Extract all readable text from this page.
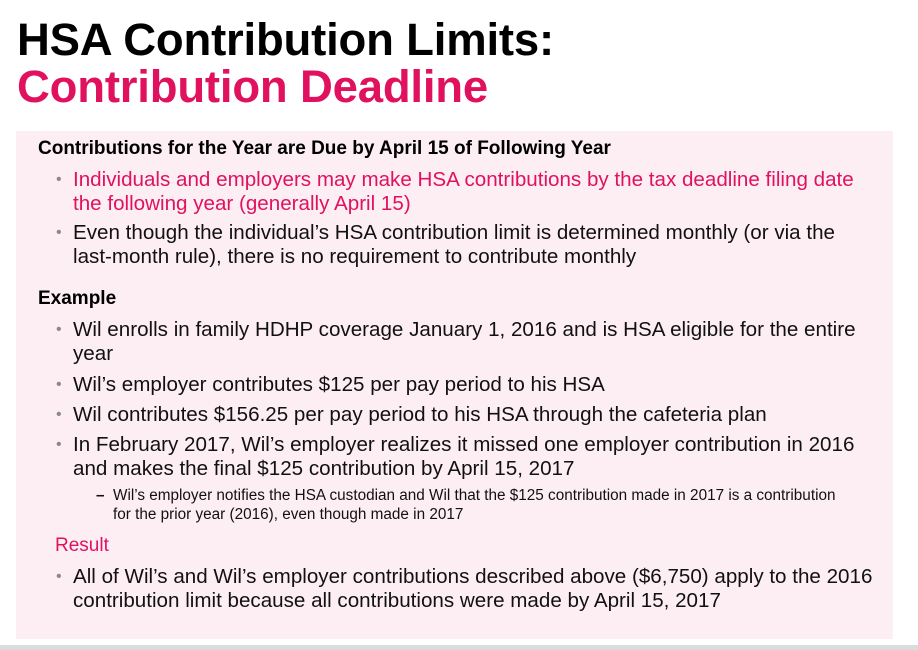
HSA Contribution Limits:
Contribution Deadline
Contributions for the Year are Due by April 15 of Following Year
• Individuals and employers may make HSA contributions by the tax deadline filing date the following year (generally April 15)
• Even though the individual’s HSA contribution limit is determined monthly (or via the last-month rule), there is no requirement to contribute monthly
Example
• Wil enrolls in family HDHP coverage January 1, 2016 and is HSA eligible for the entire year
• Wil’s employer contributes $125 per pay period to his HSA
• Wil contributes $156.25 per pay period to his HSA through the cafeteria plan
• In February 2017, Wil’s employer realizes it missed one employer contribution in 2016 and makes the final $125 contribution by April 15, 2017
– Wil’s employer notifies the HSA custodian and Wil that the $125 contribution made in 2017 is a contribution for the prior year (2016), even though made in 2017
Result
• All of Wil’s and Wil’s employer contributions described above ($6,750) apply to the 2016 contribution limit because all contributions were made by April 15, 2017
